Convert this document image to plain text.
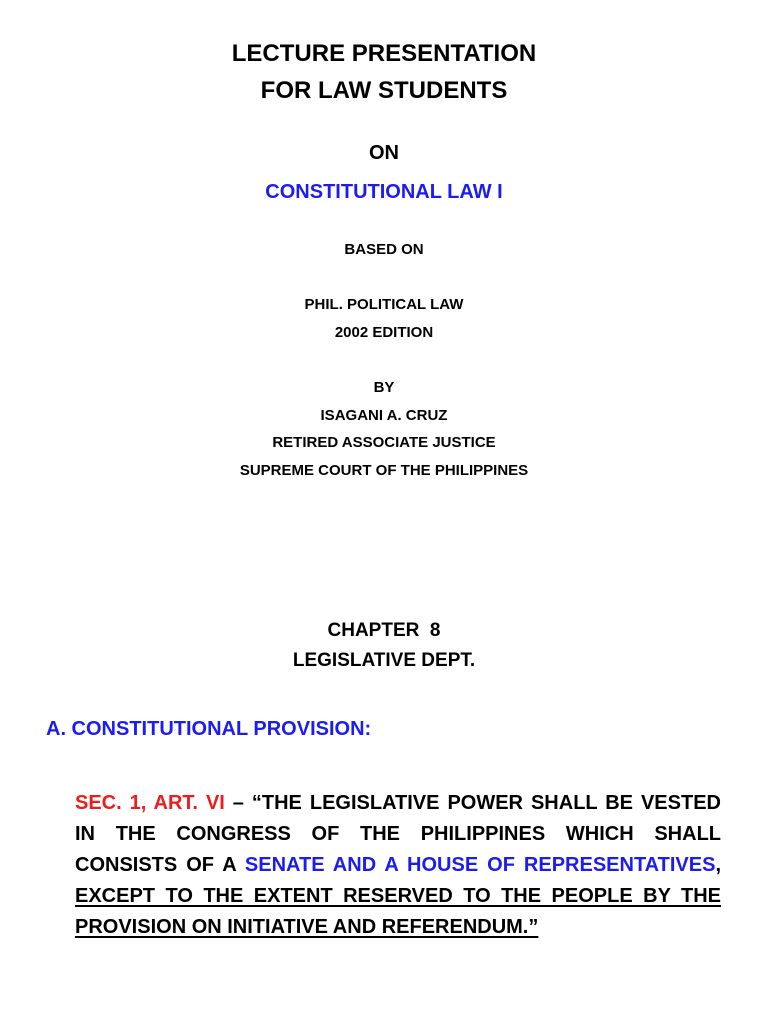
LECTURE PRESENTATION
FOR LAW STUDENTS
ON
CONSTITUTIONAL LAW I
BASED ON
PHIL. POLITICAL LAW
2002 EDITION
BY
ISAGANI A. CRUZ
RETIRED ASSOCIATE JUSTICE
SUPREME COURT OF THE PHILIPPINES
CHAPTER  8
LEGISLATIVE DEPT.
A. CONSTITUTIONAL PROVISION:
SEC. 1, ART. VI – “THE LEGISLATIVE POWER SHALL BE VESTED IN THE CONGRESS OF THE PHILIPPINES WHICH SHALL CONSISTS OF A SENATE AND A HOUSE OF REPRESENTATIVES, EXCEPT TO THE EXTENT RESERVED TO THE PEOPLE BY THE PROVISION ON INITIATIVE AND REFERENDUM.”
